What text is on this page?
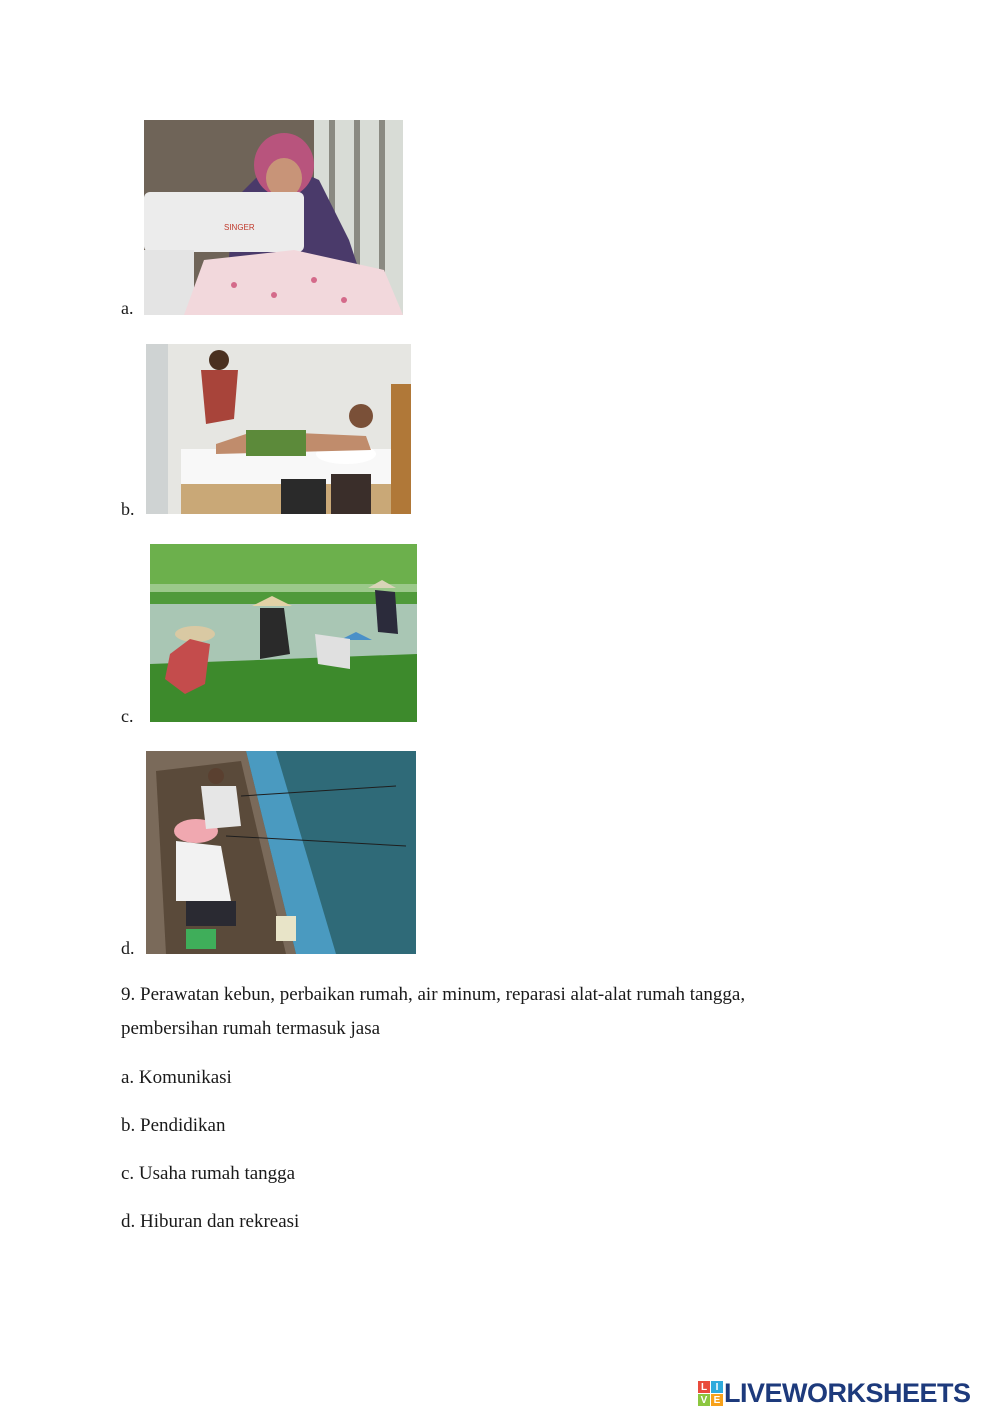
a.
SINGER
b.
c.
d.
9. Perawatan kebun, perbaikan rumah, air minum, reparasi alat-alat rumah tangga,
pembersihan rumah termasuk jasa
a. Komunikasi
b. Pendidikan
c. Usaha rumah tangga
d. Hiburan dan rekreasi
L I
V E LIVEWORKSHEETS
